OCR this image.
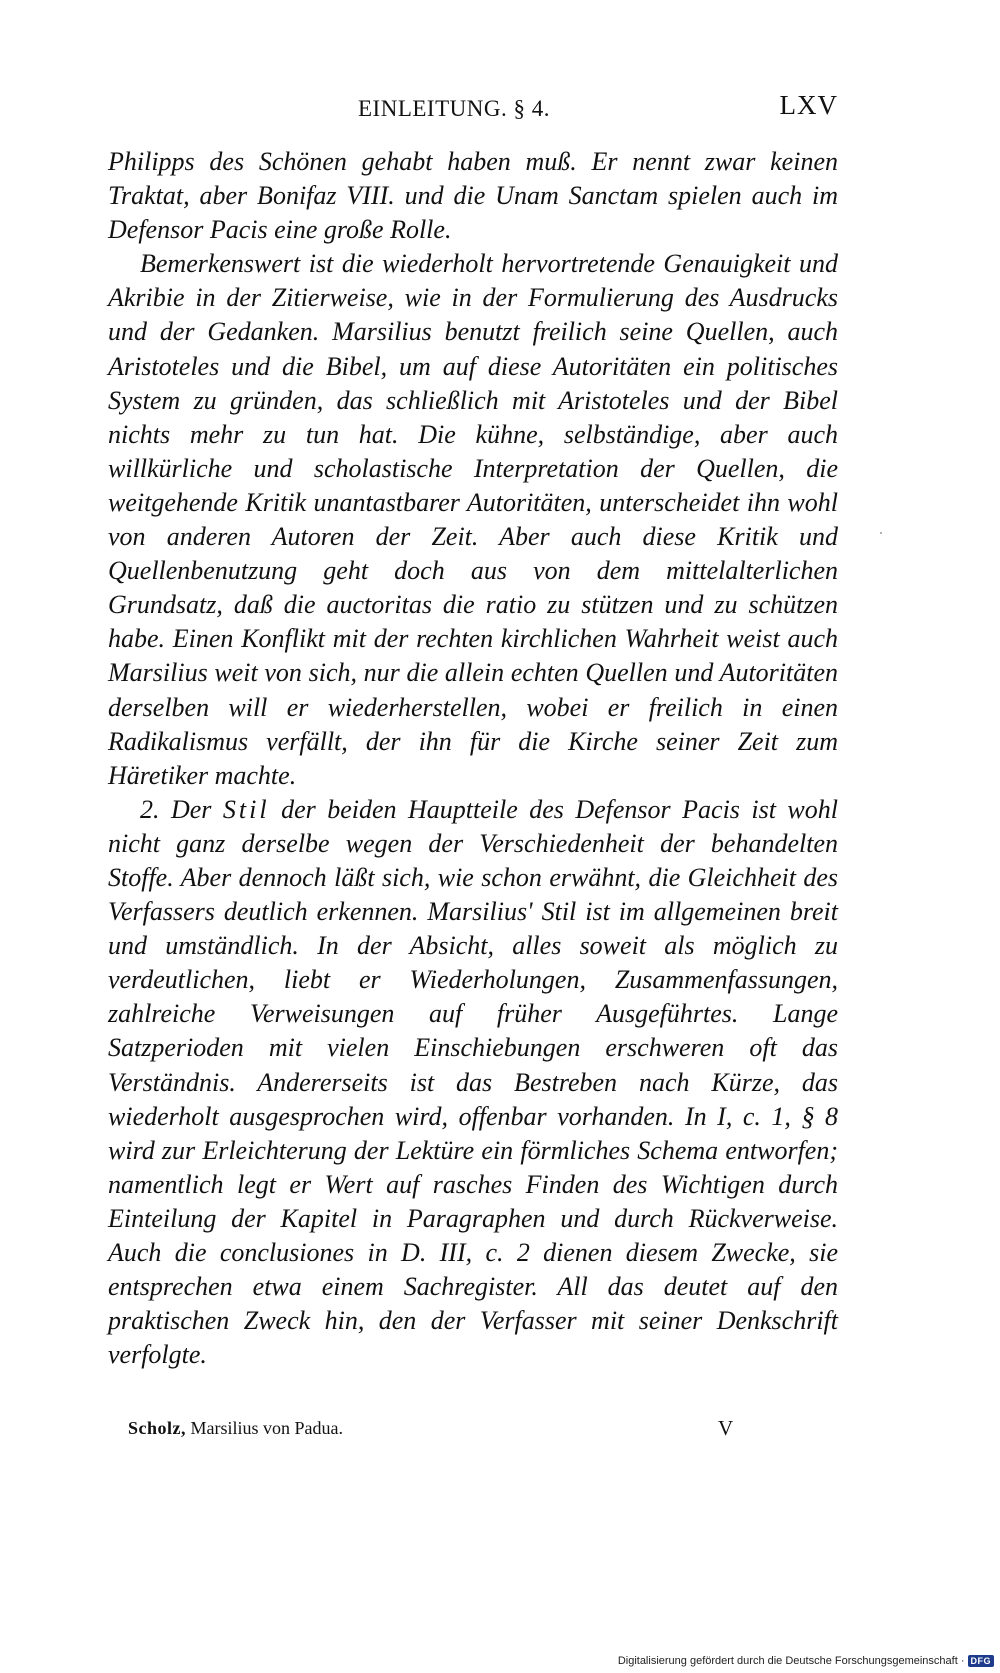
EINLEITUNG. § 4.	LXV

Philipps des Schönen gehabt haben muß. Er nennt zwar keinen Traktat, aber Bonifaz VIII. und die Unam Sanctam spielen auch im Defensor Pacis eine große Rolle.

Bemerkenswert ist die wiederholt hervortretende Genauigkeit und Akribie in der Zitierweise, wie in der Formulierung des Ausdrucks und der Gedanken. Marsilius benutzt freilich seine Quellen, auch Aristoteles und die Bibel, um auf diese Autoritäten ein politisches System zu gründen, das schließlich mit Aristoteles und der Bibel nichts mehr zu tun hat. Die kühne, selbständige, aber auch willkürliche und scholastische Interpretation der Quellen, die weitgehende Kritik unantastbarer Autoritäten, unterscheidet ihn wohl von anderen Autoren der Zeit. Aber auch diese Kritik und Quellenbenutzung geht doch aus von dem mittelalterlichen Grundsatz, daß die auctoritas die ratio zu stützen und zu schützen habe. Einen Konflikt mit der rechten kirchlichen Wahrheit weist auch Marsilius weit von sich, nur die allein echten Quellen und Autoritäten derselben will er wiederherstellen, wobei er freilich in einen Radikalismus verfällt, der ihn für die Kirche seiner Zeit zum Häretiker machte.

2. Der Stil der beiden Hauptteile des Defensor Pacis ist wohl nicht ganz derselbe wegen der Verschiedenheit der behandelten Stoffe. Aber dennoch läßt sich, wie schon erwähnt, die Gleichheit des Verfassers deutlich erkennen. Marsilius' Stil ist im allgemeinen breit und umständlich. In der Absicht, alles soweit als möglich zu verdeutlichen, liebt er Wiederholungen, Zusammenfassungen, zahlreiche Verweisungen auf früher Ausgeführtes. Lange Satzperioden mit vielen Einschiebungen erschweren oft das Verständnis. Andererseits ist das Bestreben nach Kürze, das wiederholt ausgesprochen wird, offenbar vorhanden. In I, c. 1, § 8 wird zur Erleichterung der Lektüre ein förmliches Schema entworfen; namentlich legt er Wert auf rasches Finden des Wichtigen durch Einteilung der Kapitel in Paragraphen und durch Rückverweise. Auch die conclusiones in D. III, c. 2 dienen diesem Zwecke, sie entsprechen etwa einem Sachregister. All das deutet auf den praktischen Zweck hin, den der Verfasser mit seiner Denkschrift verfolgte.

Scholz, Marsilius von Padua.	V
Digitalisierung gefördert durch die Deutsche Forschungsgemeinschaft · DFG
